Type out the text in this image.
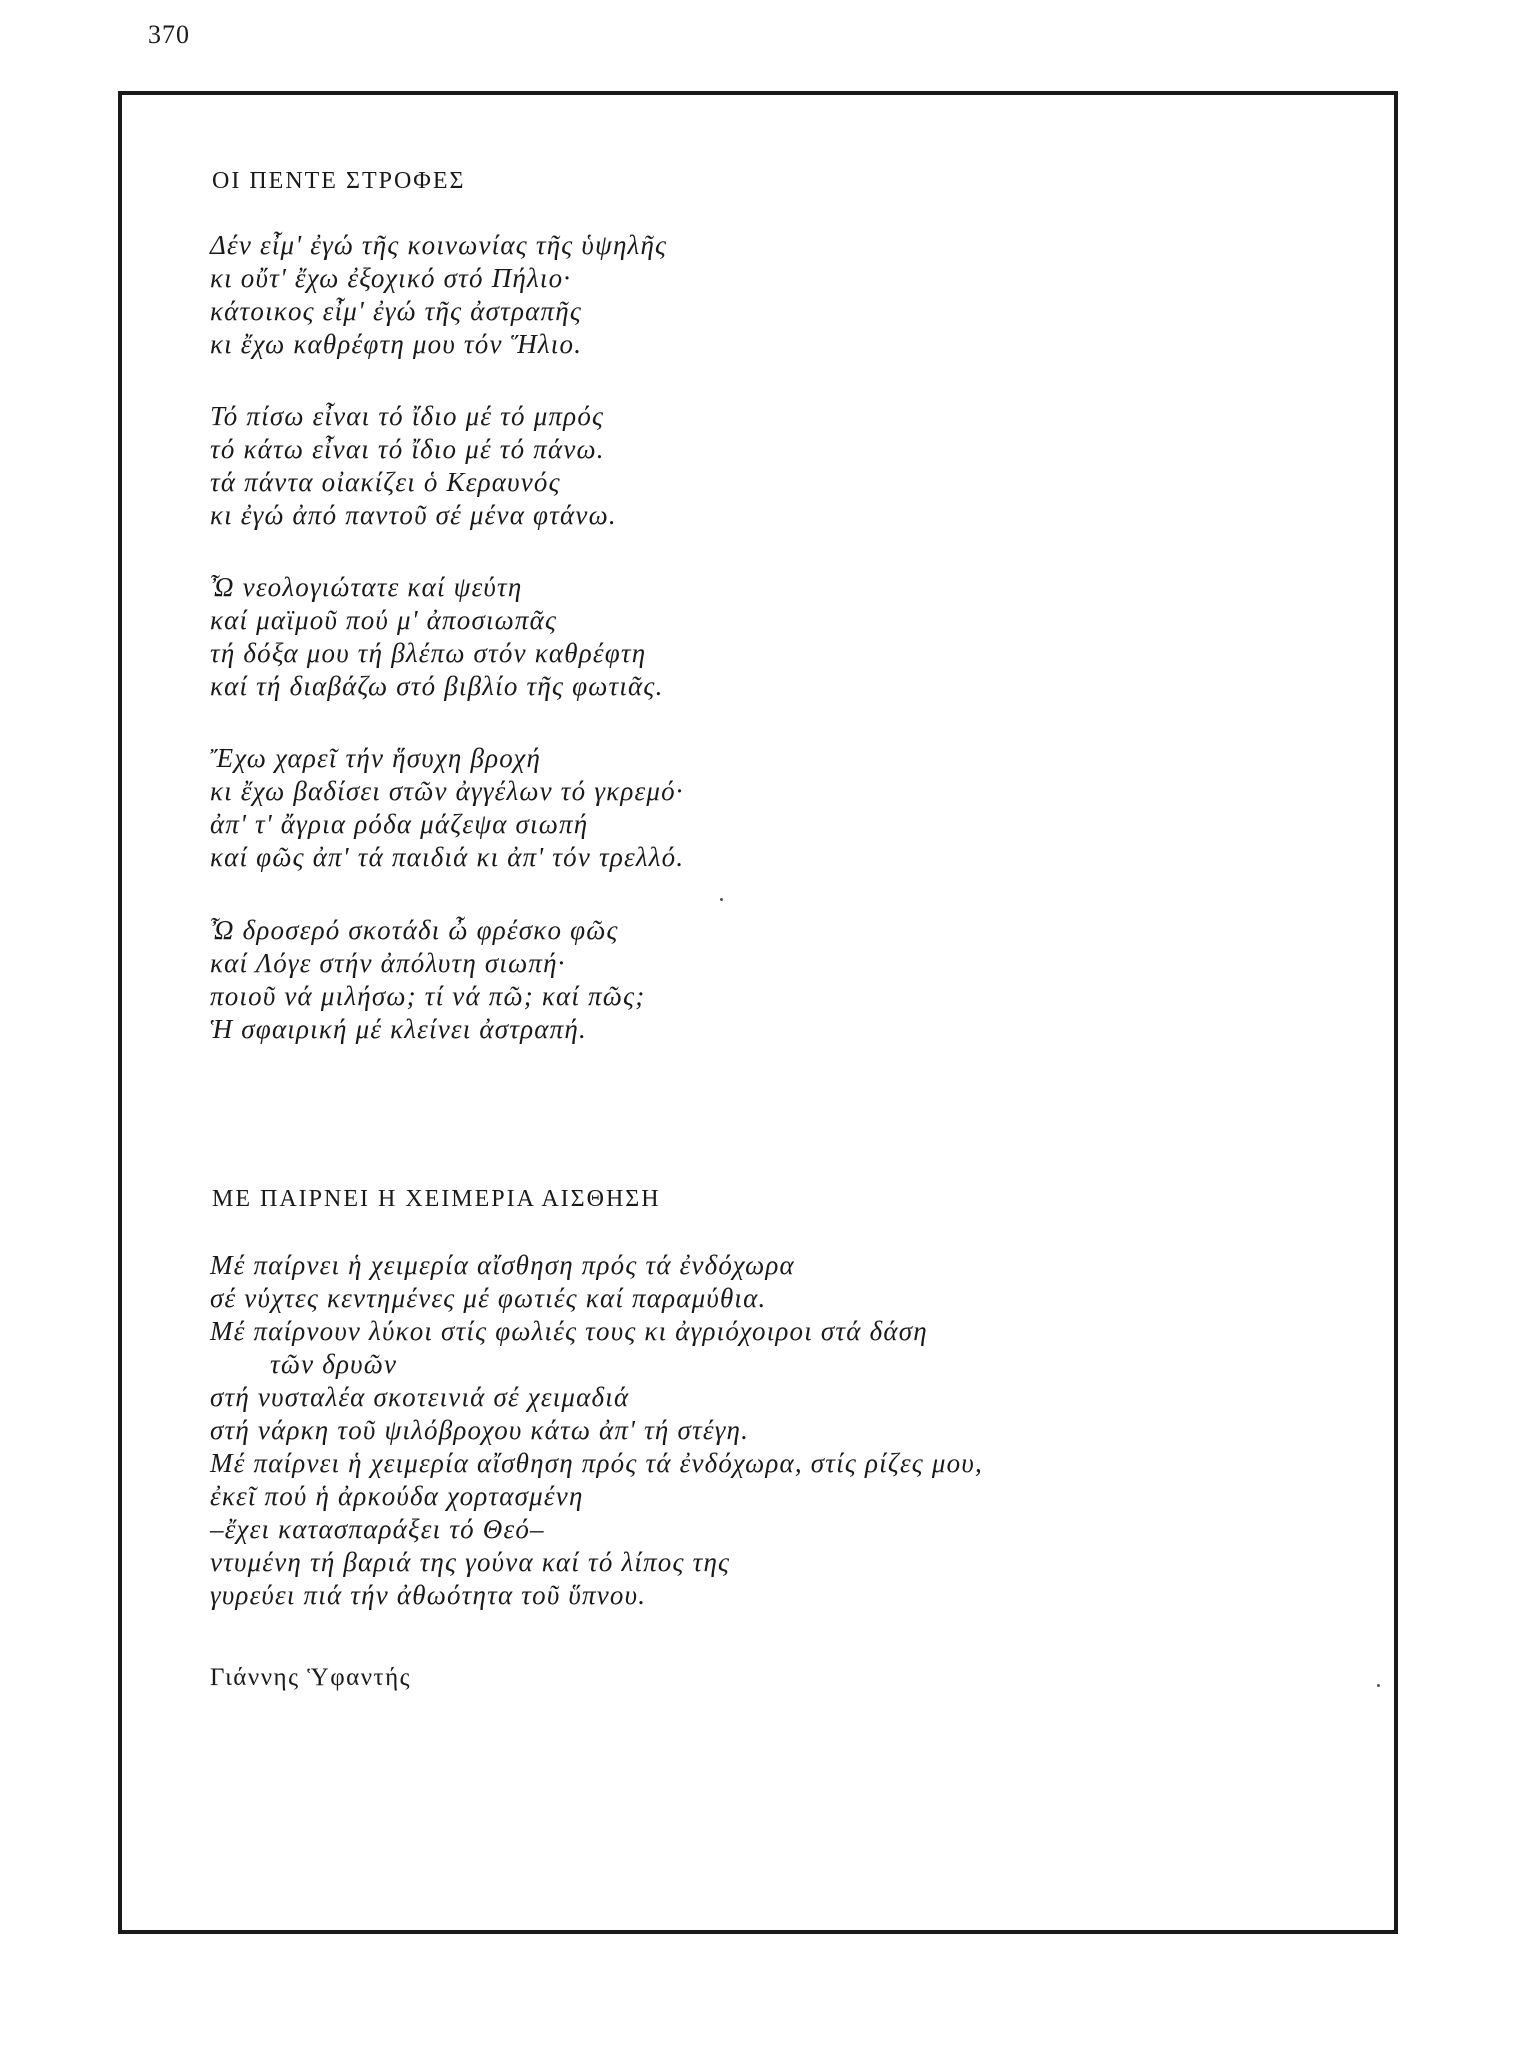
370
ΟΙ ΠΕΝΤΕ ΣΤΡΟΦΕΣ
Δέν εἶμ' ἐγώ τῆς κοινωνίας τῆς ὑψηλῆς
κι οὔτ' ἔχω ἐξοχικό στό Πήλιο·
κάτοικος εἶμ' ἐγώ τῆς ἀστραπῆς
κι ἔχω καθρέφτη μου τόν Ἥλιο.
Τό πίσω εἶναι τό ἴδιο μέ τό μπρός
τό κάτω εἶναι τό ἴδιο μέ τό πάνω.
τά πάντα οἰακίζει ὁ Κεραυνός
κι ἐγώ ἀπό παντοῦ σέ μένα φτάνω.
Ὦ νεολογιώτατε καί ψεύτη
καί μαϊμοῦ πού μ' ἀποσιωπᾶς
τή δόξα μου τή βλέπω στόν καθρέφτη
καί τή διαβάζω στό βιβλίο τῆς φωτιᾶς.
Ἔχω χαρεῖ τήν ἥσυχη βροχή
κι ἔχω βαδίσει στῶν ἀγγέλων τό γκρεμό·
ἀπ' τ' ἄγρια ρόδα μάζεψα σιωπή
καί φῶς ἀπ' τά παιδιά κι ἀπ' τόν τρελλό.
Ὦ δροσερό σκοτάδι ὦ φρέσκο φῶς
καί Λόγε στήν ἀπόλυτη σιωπή·
ποιοῦ νά μιλήσω; τί νά πῶ; καί πῶς;
Ἡ σφαιρική μέ κλείνει ἀστραπή.
ΜΕ ΠΑΙΡΝΕΙ Η ΧΕΙΜΕΡΙΑ ΑΙΣΘΗΣΗ
Μέ παίρνει ἡ χειμερία αἴσθηση πρός τά ἐνδόχωρα
σέ νύχτες κεντημένες μέ φωτιές καί παραμύθια.
Μέ παίρνουν λύκοι στίς φωλιές τους κι ἀγριόχοιροι στά δάση
τῶν δρυῶν
στή νυσταλέα σκοτεινιά σέ χειμαδιά
στή νάρκη τοῦ ψιλόβροχου κάτω ἀπ' τή στέγη.
Μέ παίρνει ἡ χειμερία αἴσθηση πρός τά ἐνδόχωρα, στίς ρίζες μου,
ἐκεῖ πού ἡ ἀρκούδα χορτασμένη
–ἔχει κατασπαράξει τό Θεό–
ντυμένη τή βαριά της γούνα καί τό λίπος της
γυρεύει πιά τήν ἀθωότητα τοῦ ὕπνου.
Γιάννης Ὑφαντής
